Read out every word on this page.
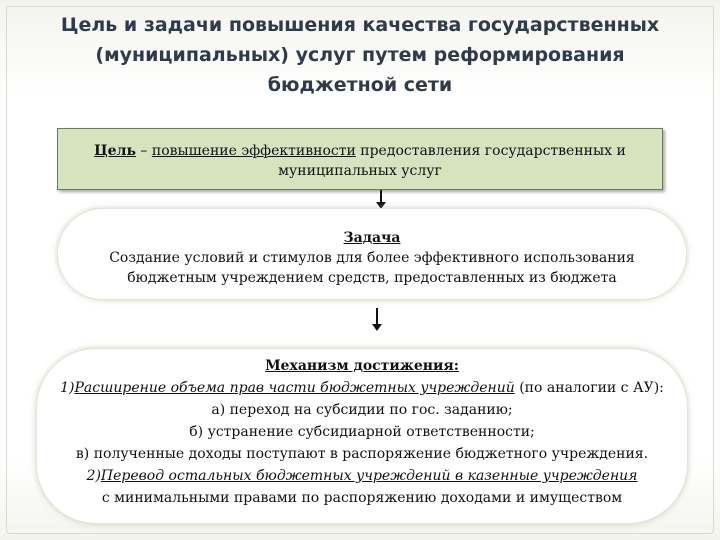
Цель и задачи повышения качества государственных
(муниципальных) услуг путем реформирования
бюджетной сети
Цель – повышение эффективности предоставления государственных и
муниципальных услуг
Задача
Создание условий и стимулов для более эффективного использования
бюджетным учреждением средств, предоставленных из бюджета
Механизм достижения:
1)Расширение объема прав части бюджетных учреждений (по аналогии с АУ):
а) переход на субсидии по гос. заданию;
б) устранение субсидиарной ответственности;
в) полученные доходы поступают в распоряжение бюджетного учреждения.
2)Перевод остальных бюджетных учреждений в казенные учреждения
с минимальными правами по распоряжению доходами и имуществом
